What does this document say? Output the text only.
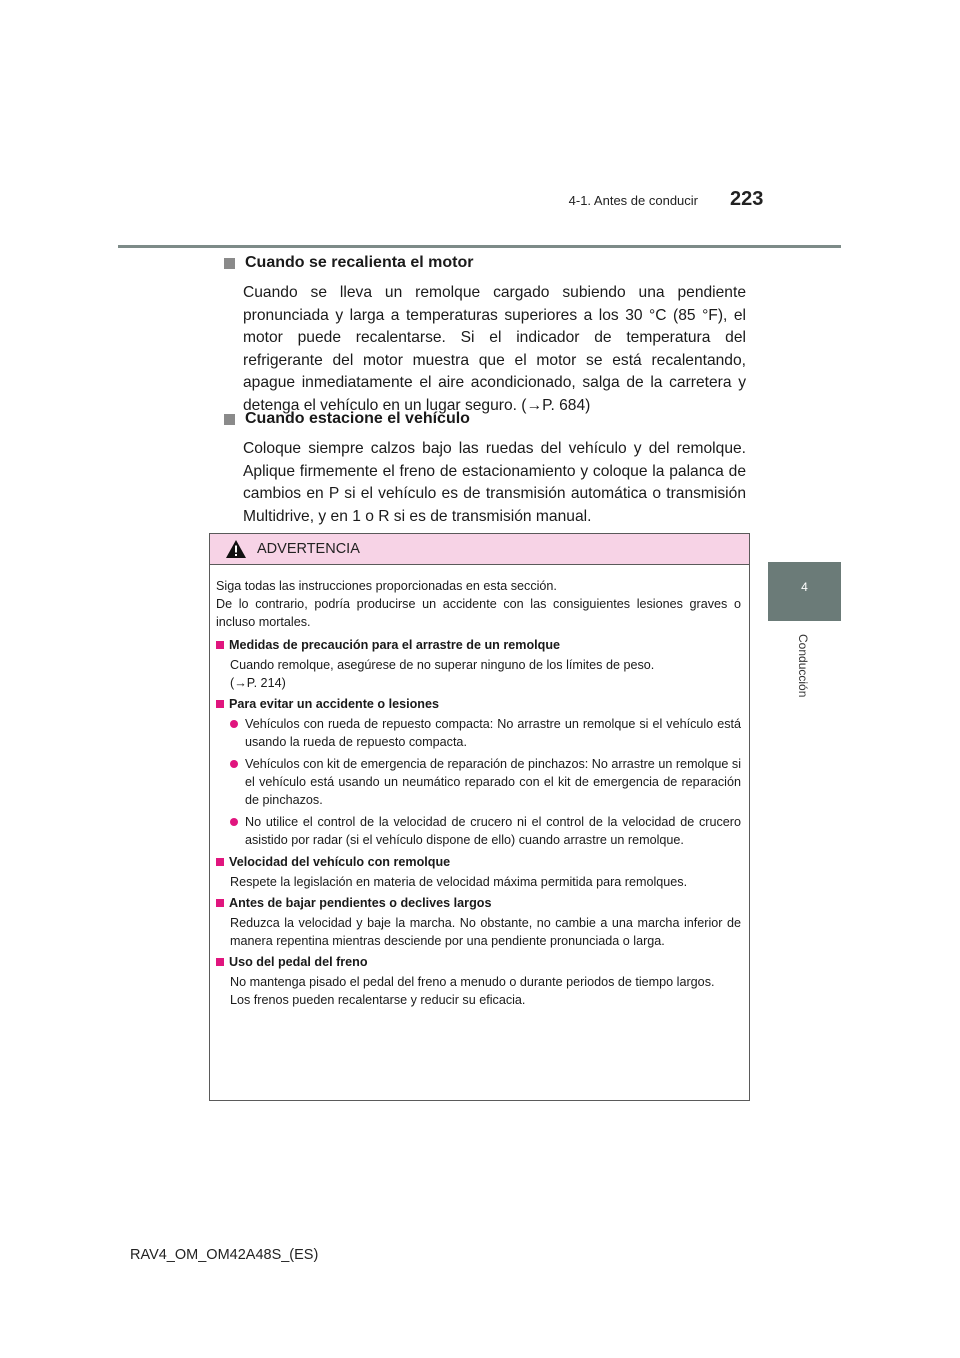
4-1. Antes de conducir 223
4
Conducción
Cuando se recalienta el motor
Cuando se lleva un remolque cargado subiendo una pendiente pronunciada y larga a temperaturas superiores a los 30 °C (85 °F), el motor puede recalentarse. Si el indicador de temperatura del refrigerante del motor muestra que el motor se está recalentando, apague inmediatamente el aire acondicionado, salga de la carretera y detenga el vehículo en un lugar seguro. (→P. 684)
Cuando estacione el vehículo
Coloque siempre calzos bajo las ruedas del vehículo y del remolque. Aplique firmemente el freno de estacionamiento y coloque la palanca de cambios en P si el vehículo es de transmisión automática o transmisión Multidrive, y en 1 o R si es de transmisión manual.
ADVERTENCIA
Siga todas las instrucciones proporcionadas en esta sección.
De lo contrario, podría producirse un accidente con las consiguientes lesiones graves o incluso mortales.
Medidas de precaución para el arrastre de un remolque
Cuando remolque, asegúrese de no superar ninguno de los límites de peso.
(→P. 214)
Para evitar un accidente o lesiones
Vehículos con rueda de repuesto compacta: No arrastre un remolque si el vehículo está usando la rueda de repuesto compacta.
Vehículos con kit de emergencia de reparación de pinchazos: No arrastre un remolque si el vehículo está usando un neumático reparado con el kit de emergencia de reparación de pinchazos.
No utilice el control de la velocidad de crucero ni el control de la velocidad de crucero asistido por radar (si el vehículo dispone de ello) cuando arrastre un remolque.
Velocidad del vehículo con remolque
Respete la legislación en materia de velocidad máxima permitida para remolques.
Antes de bajar pendientes o declives largos
Reduzca la velocidad y baje la marcha. No obstante, no cambie a una marcha inferior de manera repentina mientras desciende por una pendiente pronunciada o larga.
Uso del pedal del freno
No mantenga pisado el pedal del freno a menudo o durante periodos de tiempo largos.
Los frenos pueden recalentarse y reducir su eficacia.
RAV4_OM_OM42A48S_(ES)
